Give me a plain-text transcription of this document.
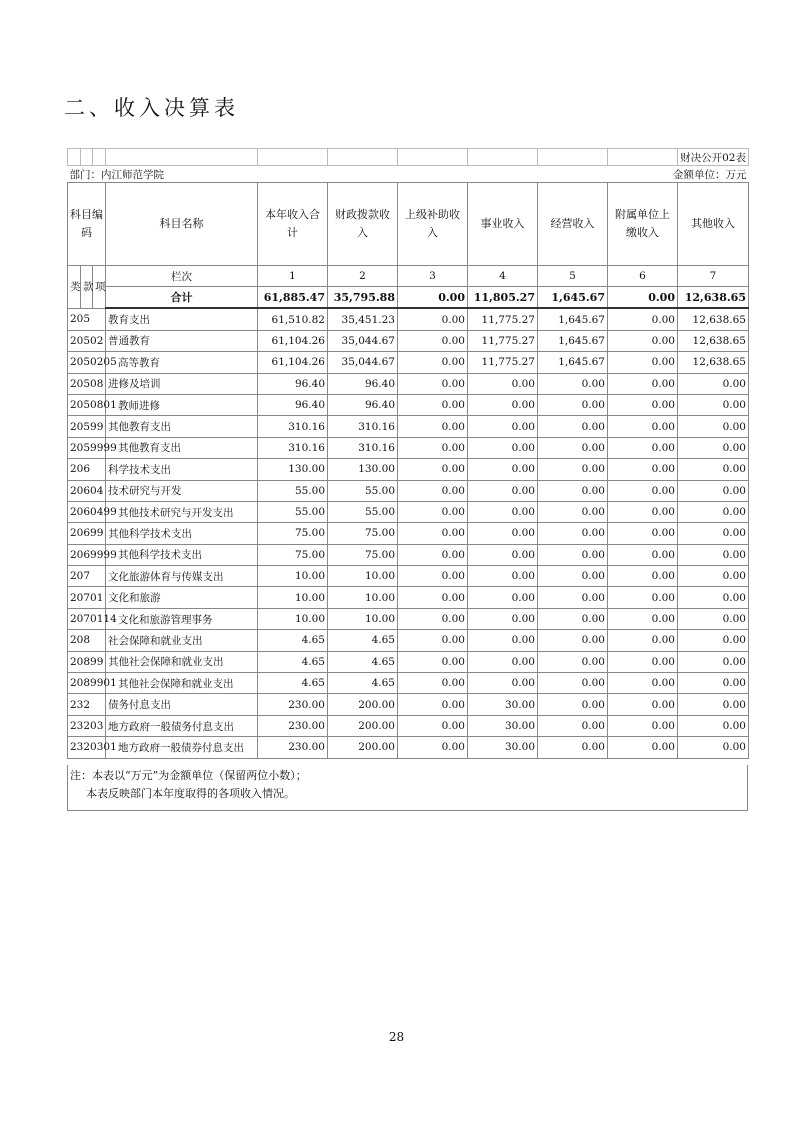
二、收入决算表
										财决公开02表
部门：内江师范学院						金额单位：万元				
科目编码			科目名称	本年收入合计	财政拨款收入	上级补助收入	事业收入	经营收入	附属单位上缴收入	其他收入
类	款	项	栏次	1	2	3	4	5	6	7
			合计	61,885.47	35,795.88	0.00	11,805.27	1,645.67	0.00	12,638.65
205			教育支出	61,510.82	35,451.23	0.00	11,775.27	1,645.67	0.00	12,638.65
20502			普通教育	61,104.26	35,044.67	0.00	11,775.27	1,645.67	0.00	12,638.65
2050205			高等教育	61,104.26	35,044.67	0.00	11,775.27	1,645.67	0.00	12,638.65
20508			进修及培训	96.40	96.40	0.00	0.00	0.00	0.00	0.00
2050801			教师进修	96.40	96.40	0.00	0.00	0.00	0.00	0.00
20599			其他教育支出	310.16	310.16	0.00	0.00	0.00	0.00	0.00
2059999			其他教育支出	310.16	310.16	0.00	0.00	0.00	0.00	0.00
206			科学技术支出	130.00	130.00	0.00	0.00	0.00	0.00	0.00
20604			技术研究与开发	55.00	55.00	0.00	0.00	0.00	0.00	0.00
2060499			其他技术研究与开发支出	55.00	55.00	0.00	0.00	0.00	0.00	0.00
20699			其他科学技术支出	75.00	75.00	0.00	0.00	0.00	0.00	0.00
2069999			其他科学技术支出	75.00	75.00	0.00	0.00	0.00	0.00	0.00
207			文化旅游体育与传媒支出	10.00	10.00	0.00	0.00	0.00	0.00	0.00
20701			文化和旅游	10.00	10.00	0.00	0.00	0.00	0.00	0.00
2070114			文化和旅游管理事务	10.00	10.00	0.00	0.00	0.00	0.00	0.00
208			社会保障和就业支出	4.65	4.65	0.00	0.00	0.00	0.00	0.00
20899			其他社会保障和就业支出	4.65	4.65	0.00	0.00	0.00	0.00	0.00
2089901			其他社会保障和就业支出	4.65	4.65	0.00	0.00	0.00	0.00	0.00
232			债务付息支出	230.00	200.00	0.00	30.00	0.00	0.00	0.00
23203			地方政府一般债务付息支出	230.00	200.00	0.00	30.00	0.00	0.00	0.00
2320301			地方政府一般债券付息支出	230.00	200.00	0.00	30.00	0.00	0.00	0.00
注：本表以“万元”为金额单位（保留两位小数）；
本表反映部门本年度取得的各项收入情况。
28
